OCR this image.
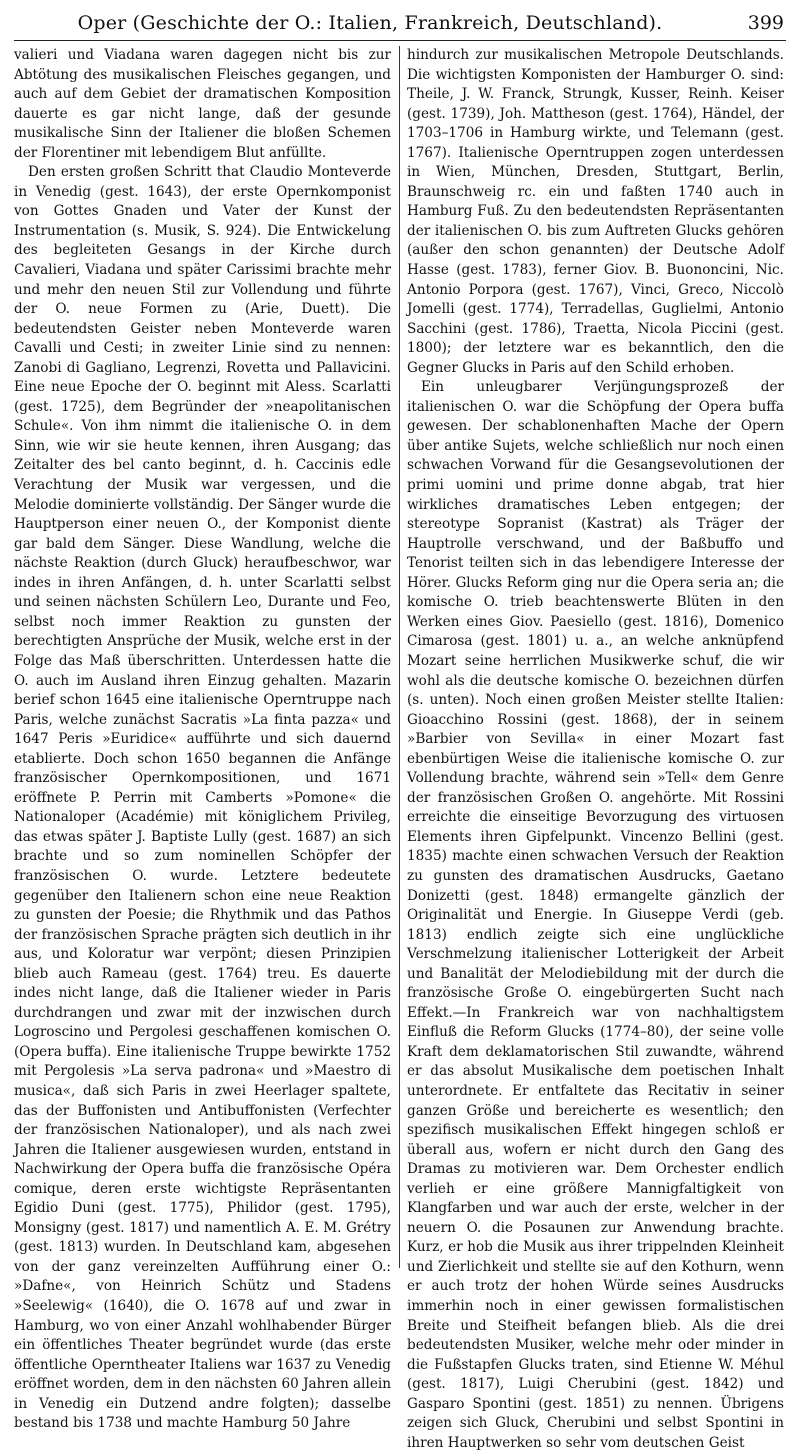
Oper (Geschichte der O.: Italien, Frankreich, Deutschland).	399

valieri und Viadana waren dagegen nicht bis zur Abtötung des musikalischen Fleisches gegangen, und auch auf dem Gebiet der dramatischen Komposition dauerte es gar nicht lange, daß der gesunde musikalische Sinn der Italiener die bloßen Schemen der Florentiner mit lebendigem Blut anfüllte.

Den ersten großen Schritt that Claudio Monteverde in Venedig (gest. 1643), der erste Opernkomponist von Gottes Gnaden und Vater der Kunst der Instrumentation (s. Musik, S. 924). Die Entwickelung des begleiteten Gesangs in der Kirche durch Cavalieri, Viadana und später Carissimi brachte mehr und mehr den neuen Stil zur Vollendung und führte der O. neue Formen zu (Arie, Duett). Die bedeutendsten Geister neben Monteverde waren Cavalli und Cesti; in zweiter Linie sind zu nennen: Zanobi di Gagliano, Legrenzi, Rovetta und Pallavicini. Eine neue Epoche der O. beginnt mit Aless. Scarlatti (gest. 1725), dem Begründer der »neapolitanischen Schule«. Von ihm nimmt die italienische O. in dem Sinn, wie wir sie heute kennen, ihren Ausgang; das Zeitalter des bel canto beginnt, d. h. Caccinis edle Verachtung der Musik war vergessen, und die Melodie dominierte vollständig. Der Sänger wurde die Hauptperson einer neuen O., der Komponist diente gar bald dem Sänger. Diese Wandlung, welche die nächste Reaktion (durch Gluck) heraufbeschwor, war indes in ihren Anfängen, d. h. unter Scarlatti selbst und seinen nächsten Schülern Leo, Durante und Feo, selbst noch immer Reaktion zu gunsten der berechtigten Ansprüche der Musik, welche erst in der Folge das Maß überschritten. Unterdessen hatte die O. auch im Ausland ihren Einzug gehalten. Mazarin berief schon 1645 eine italienische Operntruppe nach Paris, welche zunächst Sacratis »La finta pazza« und 1647 Peris »Euridice« aufführte und sich dauernd etablierte. Doch schon 1650 begannen die Anfänge französischer Opernkompositionen, und 1671 eröffnete P. Perrin mit Camberts »Pomone« die Nationaloper (Académie) mit königlichem Privileg, das etwas später J. Baptiste Lully (gest. 1687) an sich brachte und so zum nominellen Schöpfer der französischen O. wurde. Letztere bedeutete gegenüber den Italienern schon eine neue Reaktion zu gunsten der Poesie; die Rhythmik und das Pathos der französischen Sprache prägten sich deutlich in ihr aus, und Koloratur war verpönt; diesen Prinzipien blieb auch Rameau (gest. 1764) treu. Es dauerte indes nicht lange, daß die Italiener wieder in Paris durchdrangen und zwar mit der inzwischen durch Logroscino und Pergolesi geschaffenen komischen O. (Opera buffa). Eine italienische Truppe bewirkte 1752 mit Pergolesis »La serva padrona« und »Maestro di musica«, daß sich Paris in zwei Heerlager spaltete, das der Buffonisten und Antibuffonisten (Verfechter der französischen Nationaloper), und als nach zwei Jahren die Italiener ausgewiesen wurden, entstand in Nachwirkung der Opera buffa die französische Opéra comique, deren erste wichtigste Repräsentanten Egidio Duni (gest. 1775), Philidor (gest. 1795), Monsigny (gest. 1817) und namentlich A. E. M. Grétry (gest. 1813) wurden. In Deutschland kam, abgesehen von der ganz vereinzelten Aufführung einer O.: »Dafne«, von Heinrich Schütz und Stadens »Seelewig« (1640), die O. 1678 auf und zwar in Hamburg, wo von einer Anzahl wohlhabender Bürger ein öffentliches Theater begründet wurde (das erste öffentliche Operntheater Italiens war 1637 zu Venedig eröffnet worden, dem in den nächsten 60 Jahren allein in Venedig ein Dutzend andre folgten); dasselbe bestand bis 1738 und machte Hamburg 50 Jahre

hindurch zur musikalischen Metropole Deutschlands. Die wichtigsten Komponisten der Hamburger O. sind: Theile, J. W. Franck, Strungk, Kusser, Reinh. Keiser (gest. 1739), Joh. Mattheson (gest. 1764), Händel, der 1703–1706 in Hamburg wirkte, und Telemann (gest. 1767). Italienische Operntruppen zogen unterdessen in Wien, München, Dresden, Stuttgart, Berlin, Braunschweig rc. ein und faßten 1740 auch in Hamburg Fuß. Zu den bedeutendsten Repräsentanten der italienischen O. bis zum Auftreten Glucks gehören (außer den schon genannten) der Deutsche Adolf Hasse (gest. 1783), ferner Giov. B. Buononcini, Nic. Antonio Porpora (gest. 1767), Vinci, Greco, Niccolò Jomelli (gest. 1774), Terradellas, Guglielmi, Antonio Sacchini (gest. 1786), Traetta, Nicola Piccini (gest. 1800); der letztere war es bekanntlich, den die Gegner Glucks in Paris auf den Schild erhoben.

Ein unleugbarer Verjüngungsprozeß der italienischen O. war die Schöpfung der Opera buffa gewesen. Der schablonenhaften Mache der Opern über antike Sujets, welche schließlich nur noch einen schwachen Vorwand für die Gesangsevolutionen der primi uomini und prime donne abgab, trat hier wirkliches dramatisches Leben entgegen; der stereotype Sopranist (Kastrat) als Träger der Hauptrolle verschwand, und der Baßbuffo und Tenorist teilten sich in das lebendigere Interesse der Hörer. Glucks Reform ging nur die Opera seria an; die komische O. trieb beachtenswerte Blüten in den Werken eines Giov. Paesiello (gest. 1816), Domenico Cimarosa (gest. 1801) u. a., an welche anknüpfend Mozart seine herrlichen Musikwerke schuf, die wir wohl als die deutsche komische O. bezeichnen dürfen (s. unten). Noch einen großen Meister stellte Italien: Gioacchino Rossini (gest. 1868), der in seinem »Barbier von Sevilla« in einer Mozart fast ebenbürtigen Weise die italienische komische O. zur Vollendung brachte, während sein »Tell« dem Genre der französischen Großen O. angehörte. Mit Rossini erreichte die einseitige Bevorzugung des virtuosen Elements ihren Gipfelpunkt. Vincenzo Bellini (gest. 1835) machte einen schwachen Versuch der Reaktion zu gunsten des dramatischen Ausdrucks, Gaetano Donizetti (gest. 1848) ermangelte gänzlich der Originalität und Energie. In Giuseppe Verdi (geb. 1813) endlich zeigte sich eine unglückliche Verschmelzung italienischer Lotterigkeit der Arbeit und Banalität der Melodiebildung mit der durch die französische Große O. eingebürgerten Sucht nach Effekt.—In Frankreich war von nachhaltigstem Einfluß die Reform Glucks (1774–80), der seine volle Kraft dem deklamatorischen Stil zuwandte, während er das absolut Musikalische dem poetischen Inhalt unterordnete. Er entfaltete das Recitativ in seiner ganzen Größe und bereicherte es wesentlich; den spezifisch musikalischen Effekt hingegen schloß er überall aus, wofern er nicht durch den Gang des Dramas zu motivieren war. Dem Orchester endlich verlieh er eine größere Mannigfaltigkeit von Klangfarben und war auch der erste, welcher in der neuern O. die Posaunen zur Anwendung brachte. Kurz, er hob die Musik aus ihrer trippelnden Kleinheit und Zierlichkeit und stellte sie auf den Kothurn, wenn er auch trotz der hohen Würde seines Ausdrucks immerhin noch in einer gewissen formalistischen Breite und Steifheit befangen blieb. Als die drei bedeutendsten Musiker, welche mehr oder minder in die Fußstapfen Glucks traten, sind Etienne W. Méhul (gest. 1817), Luigi Cherubini (gest. 1842) und Gasparo Spontini (gest. 1851) zu nennen. Übrigens zeigen sich Gluck, Cherubini und selbst Spontini in ihren Hauptwerken so sehr vom deutschen Geist
